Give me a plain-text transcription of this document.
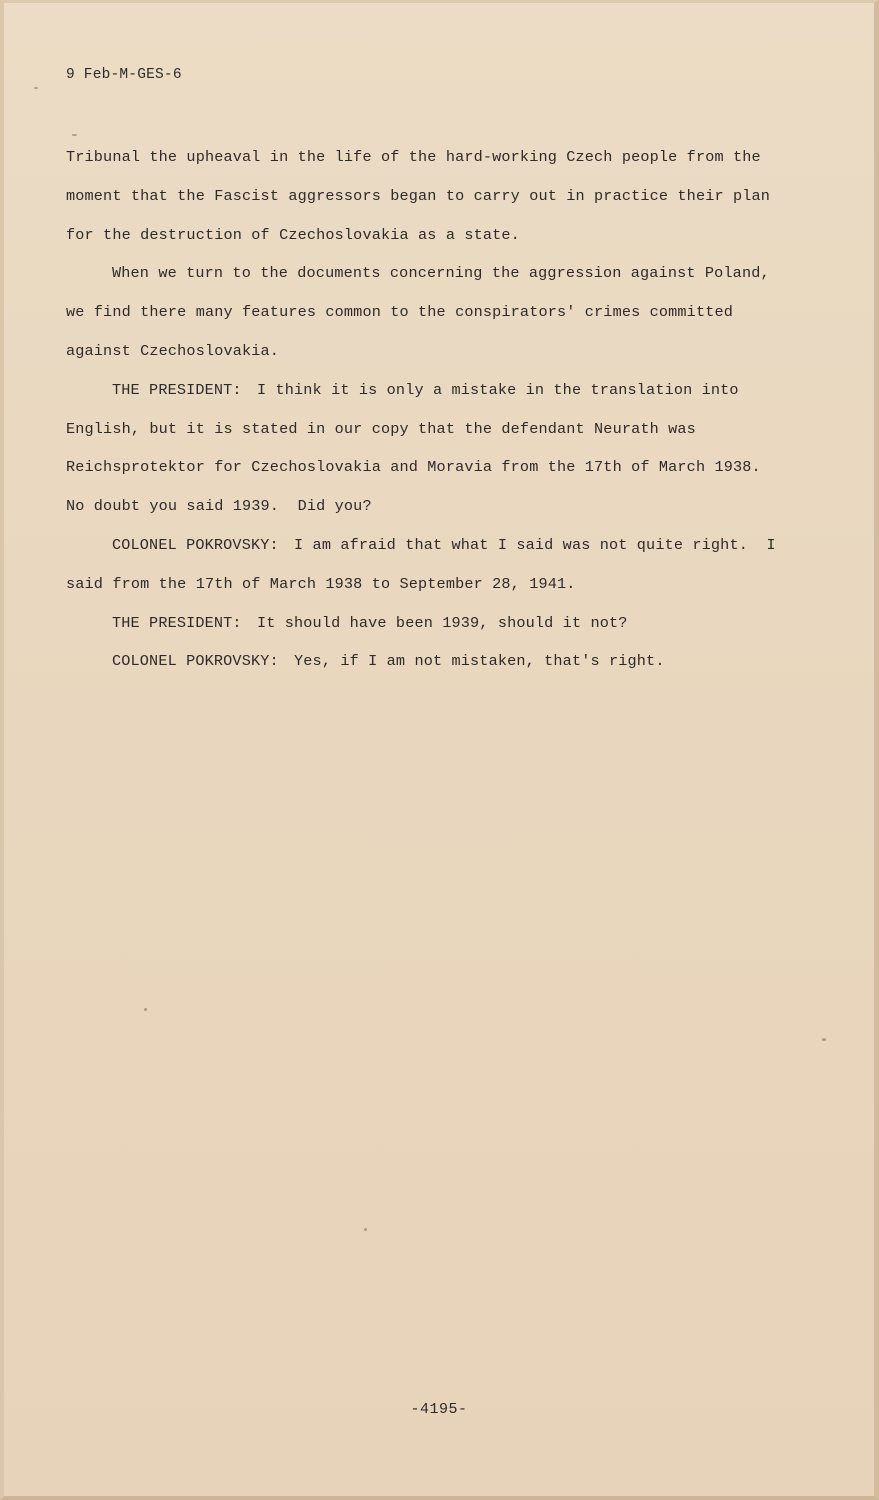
9 Feb-M-GES-6
Tribunal the upheaval in the life of the hard-working Czech people from the
moment that the Fascist aggressors began to carry out in practice their plan
for the destruction of Czechoslovakia as a state.
When we turn to the documents concerning the aggression against Poland,
we find there many features common to the conspirators' crimes committed
against Czechoslovakia.
THE PRESIDENT: I think it is only a mistake in the translation into
English, but it is stated in our copy that the defendant Neurath was
Reichsprotektor for Czechoslovakia and Moravia from the 17th of March 1938.
No doubt you said 1939.  Did you?
COLONEL POKROVSKY: I am afraid that what I said was not quite right.  I
said from the 17th of March 1938 to September 28, 1941.
THE PRESIDENT: It should have been 1939, should it not?
COLONEL POKROVSKY: Yes, if I am not mistaken, that's right.
-4195-
